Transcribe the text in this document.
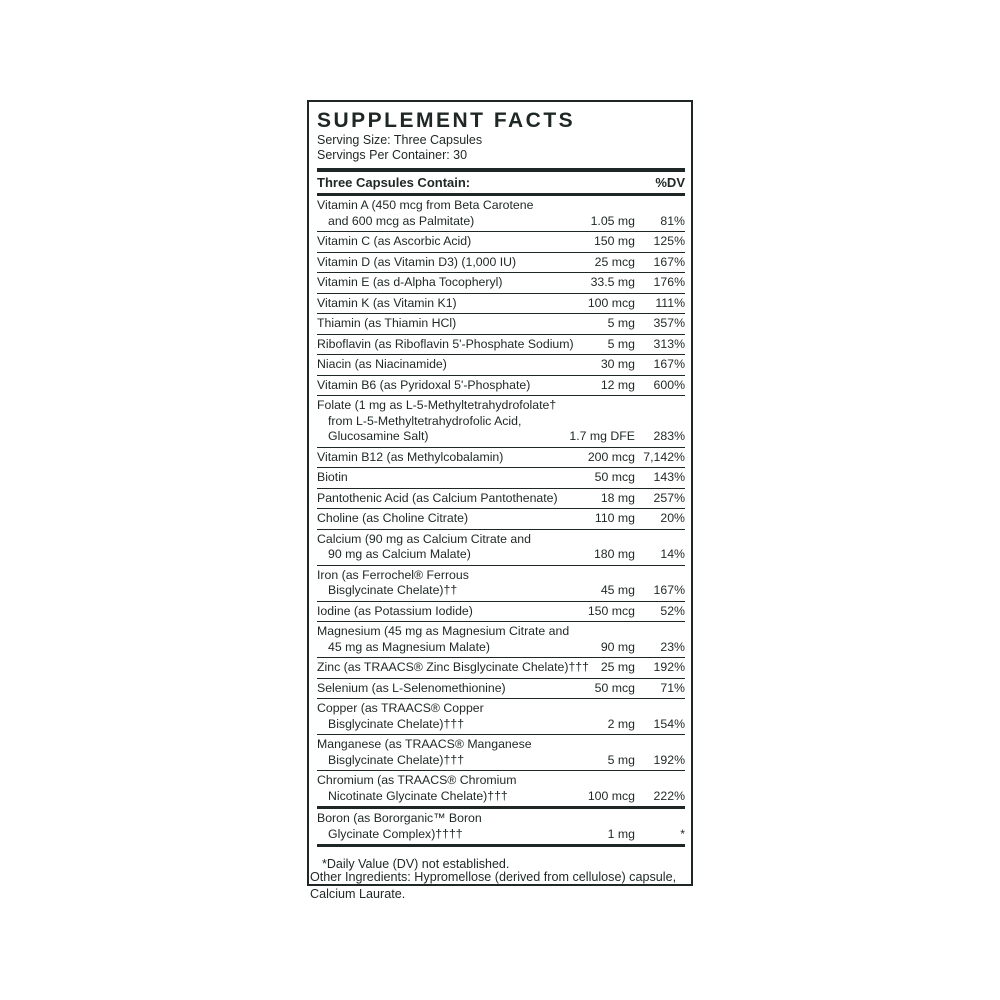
SUPPLEMENT FACTS
Serving Size: Three Capsules
Servings Per Container: 30
Three Capsules Contain:	%DV
Vitamin A (450 mcg from Beta Carotene
and 600 mcg as Palmitate)	1.05 mg	81%
Vitamin C (as Ascorbic Acid)	150 mg	125%
Vitamin D (as Vitamin D3) (1,000 IU)	25 mcg	167%
Vitamin E (as d-Alpha Tocopheryl)	33.5 mg	176%
Vitamin K (as Vitamin K1)	100 mcg	111%
Thiamin (as Thiamin HCl)	5 mg	357%
Riboflavin (as Riboflavin 5'-Phosphate Sodium)	5 mg	313%
Niacin (as Niacinamide)	30 mg	167%
Vitamin B6 (as Pyridoxal 5'-Phosphate)	12 mg	600%
Folate (1 mg as L-5-Methyltetrahydrofolate†
from L-5-Methyltetrahydrofolic Acid,
Glucosamine Salt)	1.7 mg DFE	283%
Vitamin B12 (as Methylcobalamin)	200 mcg 7,142%
Biotin	50 mcg	143%
Pantothenic Acid (as Calcium Pantothenate)	18 mg	257%
Choline (as Choline Citrate)	110 mg	20%
Calcium (90 mg as Calcium Citrate and
90 mg as Calcium Malate)	180 mg	14%
Iron (as Ferrochel® Ferrous
Bisglycinate Chelate)††	45 mg	167%
Iodine (as Potassium Iodide)	150 mcg	52%
Magnesium (45 mg as Magnesium Citrate and
45 mg as Magnesium Malate)	90 mg	23%
Zinc (as TRAACS® Zinc Bisglycinate Chelate)††† 25 mg	192%
Selenium (as L-Selenomethionine)	50 mcg	71%
Copper (as TRAACS® Copper
Bisglycinate Chelate)†††	2 mg	154%
Manganese (as TRAACS® Manganese
Bisglycinate Chelate)†††	5 mg	192%
Chromium (as TRAACS® Chromium
Nicotinate Glycinate Chelate)†††	100 mcg	222%
Boron (as Bororganic™ Boron
Glycinate Complex)††††	1 mg	*
*Daily Value (DV) not established.
Other Ingredients: Hypromellose (derived from cellulose) capsule, Calcium Laurate.
